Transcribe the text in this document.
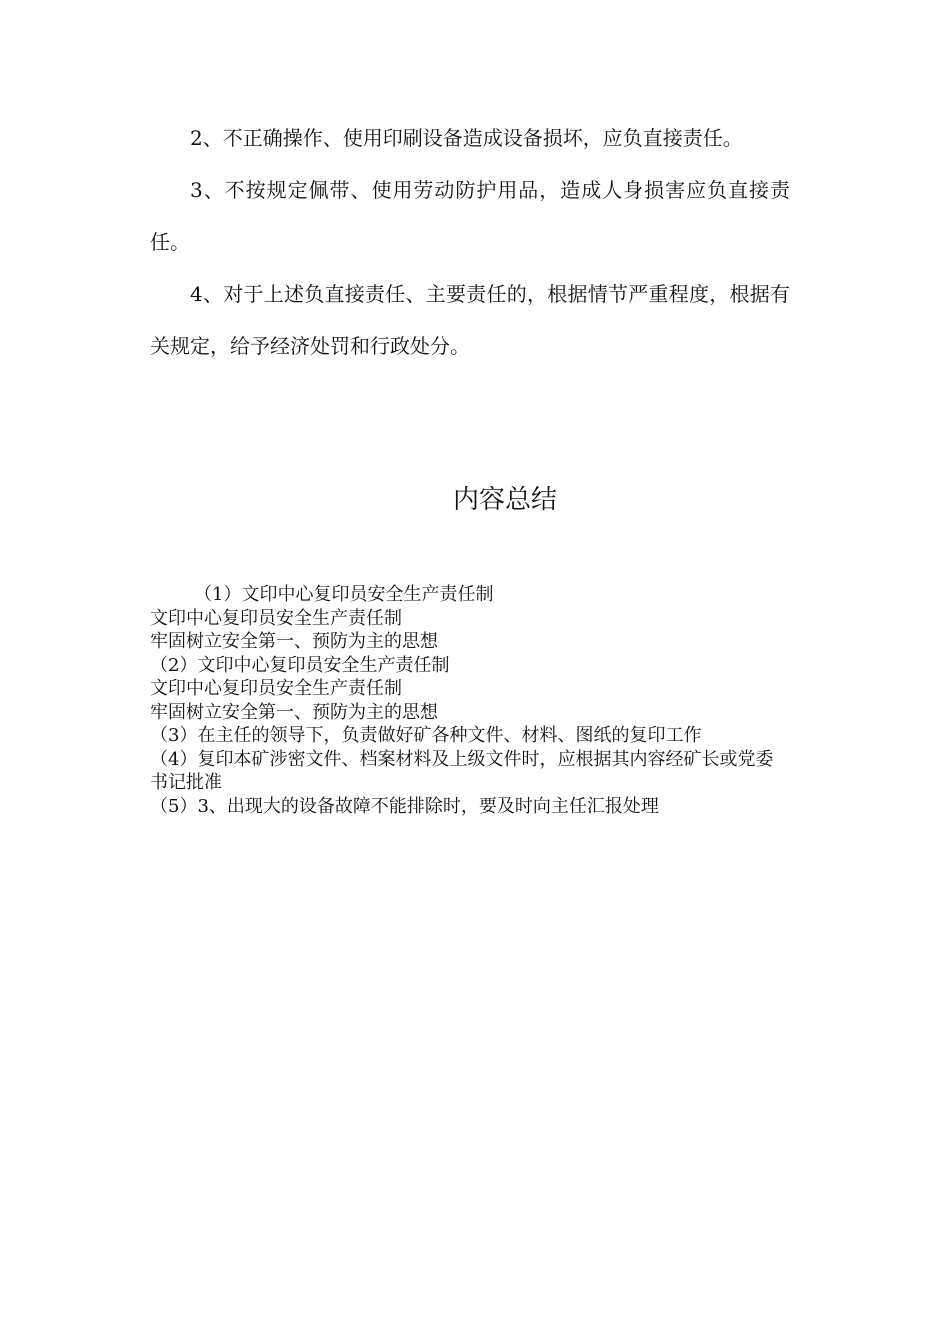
2、不正确操作、使用印刷设备造成设备损坏，应负直接责任。

3、不按规定佩带、使用劳动防护用品，造成人身损害应负直接责任。

4、对于上述负直接责任、主要责任的，根据情节严重程度，根据有关规定，给予经济处罚和行政处分。

内容总结
（1）文印中心复印员安全生产责任制
文印中心复印员安全生产责任制
牢固树立安全第一、预防为主的思想
（2）文印中心复印员安全生产责任制
文印中心复印员安全生产责任制
牢固树立安全第一、预防为主的思想
（3）在主任的领导下，负责做好矿各种文件、材料、图纸的复印工作
（4）复印本矿涉密文件、档案材料及上级文件时，应根据其内容经矿长或党委书记批准
（5）3、出现大的设备故障不能排除时，要及时向主任汇报处理
